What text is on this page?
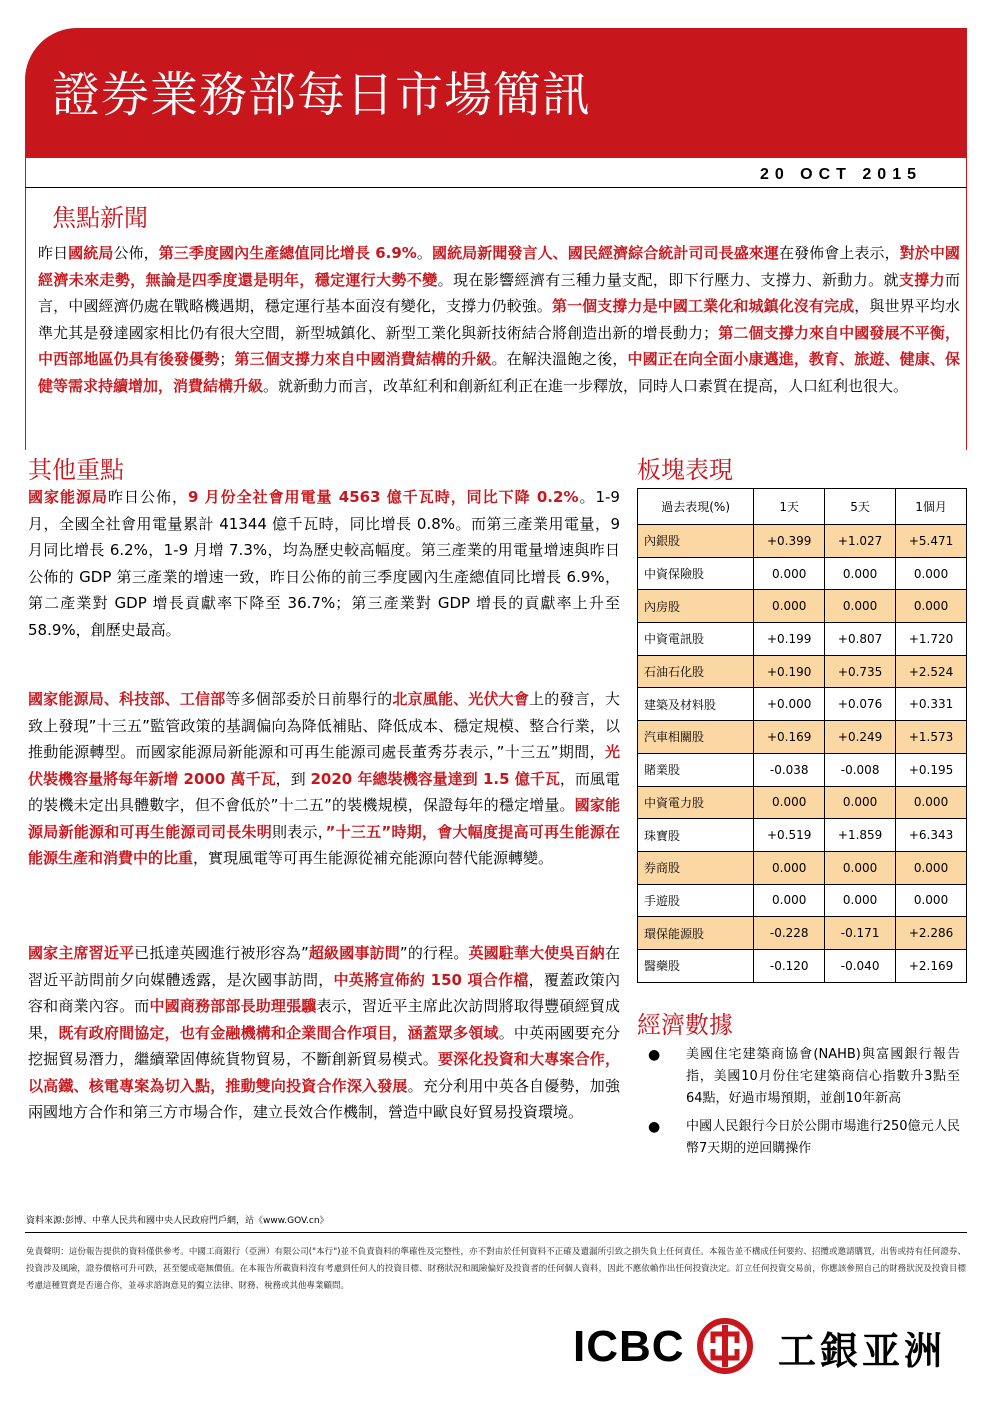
證券業務部每日市場簡訊
20 OCT 2015
焦點新聞
昨日國統局公佈，第三季度國內生產總值同比增長 6.9%。國統局新聞發言人、國民經濟綜合統計司司長盛來運在發佈會上表示，對於中國經濟未來走勢，無論是四季度還是明年，穩定運行大勢不變。現在影響經濟有三種力量支配，即下行壓力、支撐力、新動力。就支撐力而言，中國經濟仍處在戰略機遇期，穩定運行基本面沒有變化，支撐力仍較強。第一個支撐力是中國工業化和城鎮化沒有完成，與世界平均水準尤其是發達國家相比仍有很大空間，新型城鎮化、新型工業化與新技術結合將創造出新的增長動力；第二個支撐力來自中國發展不平衡，中西部地區仍具有後發優勢；第三個支撐力來自中國消費結構的升級。在解決溫飽之後，中國正在向全面小康邁進，教育、旅遊、健康、保健等需求持續增加，消費結構升級。就新動力而言，改革紅利和創新紅利正在進一步釋放，同時人口素質在提高，人口紅利也很大。
其他重點
國家能源局昨日公佈，9 月份全社會用電量 4563 億千瓦時，同比下降 0.2%。1-9 月，全國全社會用電量累計 41344 億千瓦時，同比增長 0.8%。而第三產業用電量，9 月同比增長 6.2%，1-9 月增 7.3%，均為歷史較高幅度。第三產業的用電量增速與昨日公佈的 GDP 第三產業的增速一致，昨日公佈的前三季度國內生產總值同比增長 6.9%，第二產業對 GDP 增長貢獻率下降至 36.7%；第三產業對 GDP 增長的貢獻率上升至 58.9%，創歷史最高。
國家能源局、科技部、工信部等多個部委於日前舉行的北京風能、光伏大會上的發言，大致上發現”十三五”監管政策的基調偏向為降低補貼、降低成本、穩定規模、整合行業，以推動能源轉型。而國家能源局新能源和可再生能源司處長董秀芬表示，”十三五”期間，光伏裝機容量將每年新增 2000 萬千瓦，到 2020 年總裝機容量達到 1.5 億千瓦，而風電的裝機未定出具體數字，但不會低於”十二五”的裝機規模，保證每年的穩定增量。國家能源局新能源和可再生能源司司長朱明則表示，”十三五”時期，會大幅度提高可再生能源在能源生產和消費中的比重，實現風電等可再生能源從補充能源向替代能源轉變。
國家主席習近平已抵達英國進行被形容為”超級國事訪問”的行程。英國駐華大使吳百納在習近平訪問前夕向媒體透露，是次國事訪問，中英將宣佈約 150 項合作檔，覆蓋政策內容和商業內容。而中國商務部部長助理張驥表示，習近平主席此次訪問將取得豐碩經貿成果，既有政府間協定，也有金融機構和企業間合作項目，涵蓋眾多領域。中英兩國要充分挖掘貿易潛力，繼續鞏固傳統貨物貿易，不斷創新貿易模式。要深化投資和大專案合作，以高鐵、核電專案為切入點，推動雙向投資合作深入發展。充分利用中英各自優勢，加強兩國地方合作和第三方市場合作，建立長效合作機制，營造中歐良好貿易投資環境。
板塊表現
過去表現(%)	1天	5天	1個月
內銀股	+0.399	+1.027	+5.471
中資保險股	0.000	0.000	0.000
內房股	0.000	0.000	0.000
中資電訊股	+0.199	+0.807	+1.720
石油石化股	+0.190	+0.735	+2.524
建築及材料股	+0.000	+0.076	+0.331
汽車相關股	+0.169	+0.249	+1.573
賭業股	-0.038	-0.008	+0.195
中資電力股	0.000	0.000	0.000
珠寶股	+0.519	+1.859	+6.343
券商股	0.000	0.000	0.000
手遊股	0.000	0.000	0.000
環保能源股	-0.228	-0.171	+2.286
醫藥股	-0.120	-0.040	+2.169
經濟數據
● 美國住宅建築商協會(NAHB)與富國銀行報告指，美國10月份住宅建築商信心指數升3點至64點，好過市場預期，並創10年新高
● 中國人民銀行今日於公開市場進行250億元人民幣7天期的逆回購操作
資料來源:彭博、中華人民共和國中央人民政府門戶網，站《www.GOV.cn》
免責聲明：這份報告提供的資料僅供參考。中國工商銀行（亞洲）有限公司("本行")並不負責資料的準確性及完整性，亦不對由於任何資料不正確及遺漏所引致之損失負上任何責任。本報告並不構成任何要約、招攬或邀請購買，出售或持有任何證券、投資涉及風險，證券價格可升可跌，甚至變成毫無價值。在本報告所載資料沒有考慮到任何人的投資目標、財務狀況和風險偏好及投資者的任何個人資料，因此不應依賴作出任何投資決定。訂立任何投資交易前，你應該參照自己的財務狀況及投資目標考慮這種買賣是否適合你，並尋求諮詢意見的獨立法律、財務、稅務或其他專業顧問。
ICBC 工銀亚洲
